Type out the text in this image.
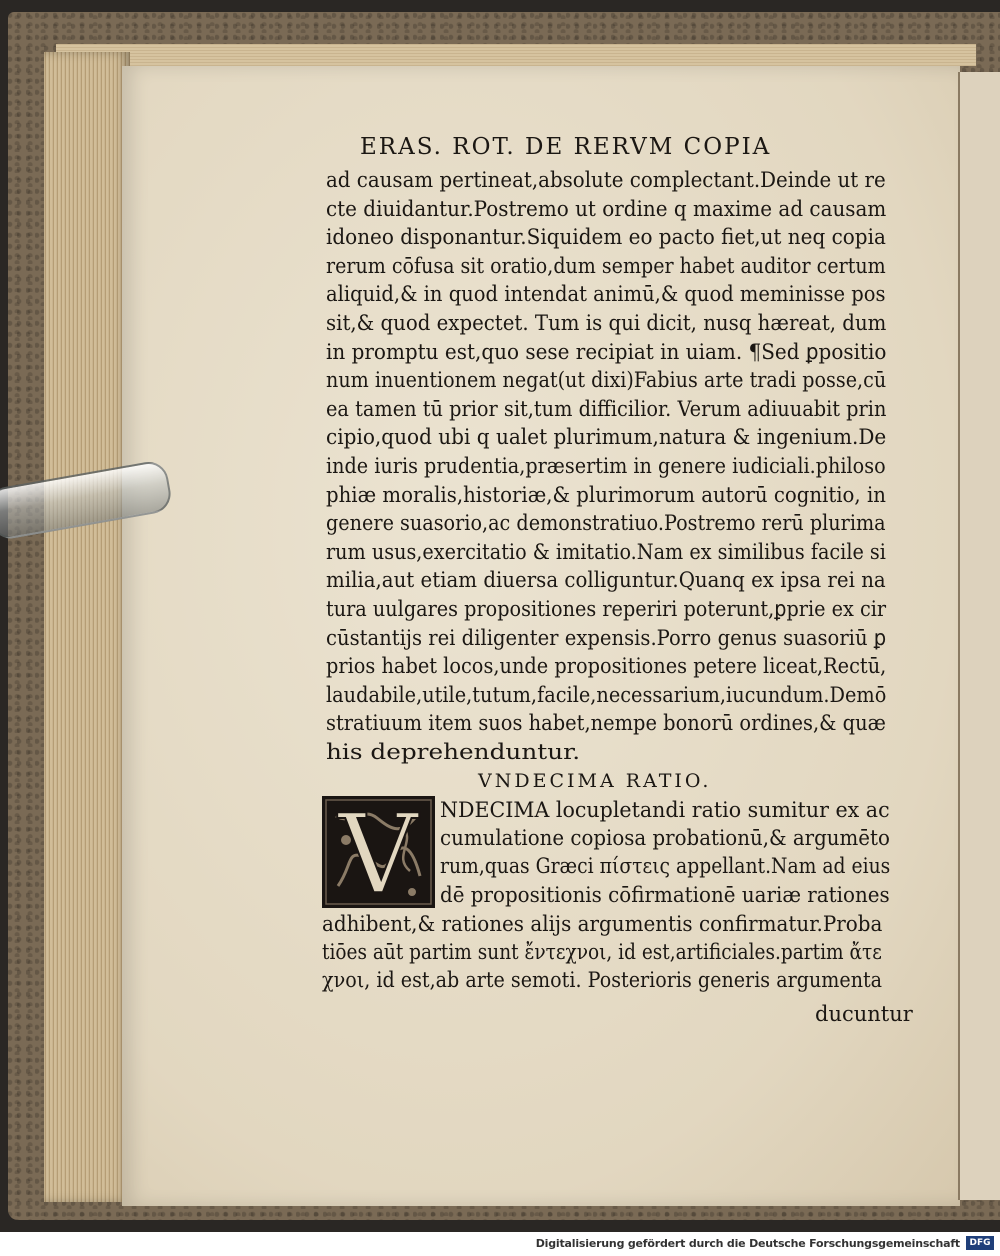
ERAS. ROT. DE RERVM COPIA
ad causam pertineat,absolute complectant.Deinde ut re
cte diuidantur.Postremo ut ordine q maxime ad causam
idoneo disponantur.Siquidem eo pacto fiet,ut neq copia
rerum cōfusa sit oratio,dum semper habet auditor certum
aliquid,& in quod intendat animū,& quod meminisse pos
sit,& quod expectet. Tum is qui dicit, nusq hæreat, dum
in promptu est,quo sese recipiat in uiam. ¶Sed ꝑpositio
num inuentionem negat(ut dixi)Fabius arte tradi posse,cū
ea tamen tū prior sit,tum difficilior. Verum adiuuabit prin
cipio,quod ubi q ualet plurimum,natura & ingenium.De
inde iuris prudentia,præsertim in genere iudiciali.philoso
phiæ moralis,historiæ,& plurimorum autorū cognitio, in
genere suasorio,ac demonstratiuo.Postremo rerū plurima
rum usus,exercitatio & imitatio.Nam ex similibus facile si
milia,aut etiam diuersa colliguntur.Quanq ex ipsa rei na
tura uulgares propositiones reperiri poterunt,ꝑprie ex cir
cūstantijs rei diligenter expensis.Porro genus suasoriū ꝑ
prios habet locos,unde propositiones petere liceat,Rectū,
laudabile,utile,tutum,facile,necessarium,iucundum.Demō
stratiuum item suos habet,nempe bonorū ordines,& quæ
his deprehenduntur.
VNDECIMA RATIO.
V NDECIMA locupletandi ratio sumitur ex ac
cumulatione copiosa probationū,& argumēto
rum,quas Græci πίστεις appellant.Nam ad eius
dē propositionis cōfirmationē uariæ rationes
adhibent,& rationes alijs argumentis confirmatur.Proba
tiōes aūt partim sunt ἔντεχνοι, id est,artificiales.partim ἄτε
χνοι, id est,ab arte semoti. Posterioris generis argumenta
ducuntur
Digitalisierung gefördert durch die Deutsche Forschungsgemeinschaft	DFG
